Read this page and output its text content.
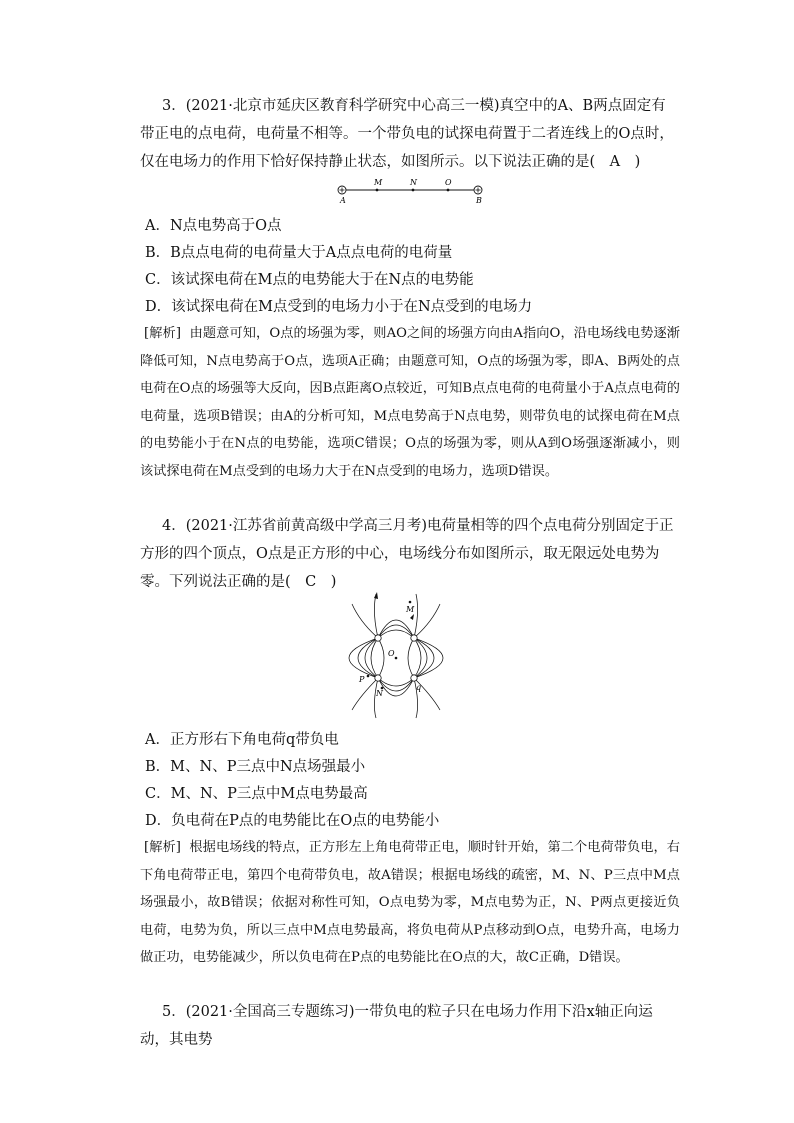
3．(2021·北京市延庆区教育科学研究中心高三一模)真空中的A、B两点固定有带正电的点电荷，电荷量不相等。一个带负电的试探电荷置于二者连线上的O点时，仅在电场力的作用下恰好保持静止状态，如图所示。以下说法正确的是(　A　)
A
M	N	O
B
A．N点电势高于O点
B．B点点电荷的电荷量大于A点点电荷的电荷量
C．该试探电荷在M点的电势能大于在N点的电势能
D．该试探电荷在M点受到的电场力小于在N点受到的电场力
[解析] 由题意可知，O点的场强为零，则AO之间的场强方向由A指向O，沿电场线电势逐渐降低可知，N点电势高于O点，选项A正确；由题意可知，O点的场强为零，即A、B两处的点电荷在O点的场强等大反向，因B点距离O点较近，可知B点点电荷的电荷量小于A点点电荷的电荷量，选项B错误；由A的分析可知，M点电势高于N点电势，则带负电的试探电荷在M点的电势能小于在N点的电势能，选项C错误；O点的场强为零，则从A到O场强逐渐减小，则该试探电荷在M点受到的电场力大于在N点受到的电场力，选项D错误。
4．(2021·江苏省前黄高级中学高三月考)电荷量相等的四个点电荷分别固定于正方形的四个顶点，O点是正方形的中心，电场线分布如图所示，取无限远处电势为零。下列说法正确的是(　C　)
M
O
P
N
q
A．正方形右下角电荷q带负电
B．M、N、P三点中N点场强最小
C．M、N、P三点中M点电势最高
D．负电荷在P点的电势能比在O点的电势能小
[解析] 根据电场线的特点，正方形左上角电荷带正电，顺时针开始，第二个电荷带负电，右下角电荷带正电，第四个电荷带负电，故A错误；根据电场线的疏密，M、N、P三点中M点场强最小，故B错误；依据对称性可知，O点电势为零，M点电势为正，N、P两点更接近负电荷，电势为负，所以三点中M点电势最高，将负电荷从P点移动到O点，电势升高，电场力做正功，电势能减少，所以负电荷在P点的电势能比在O点的大，故C正确，D错误。
5．(2021·全国高三专题练习)一带负电的粒子只在电场力作用下沿x轴正向运动，其电势
